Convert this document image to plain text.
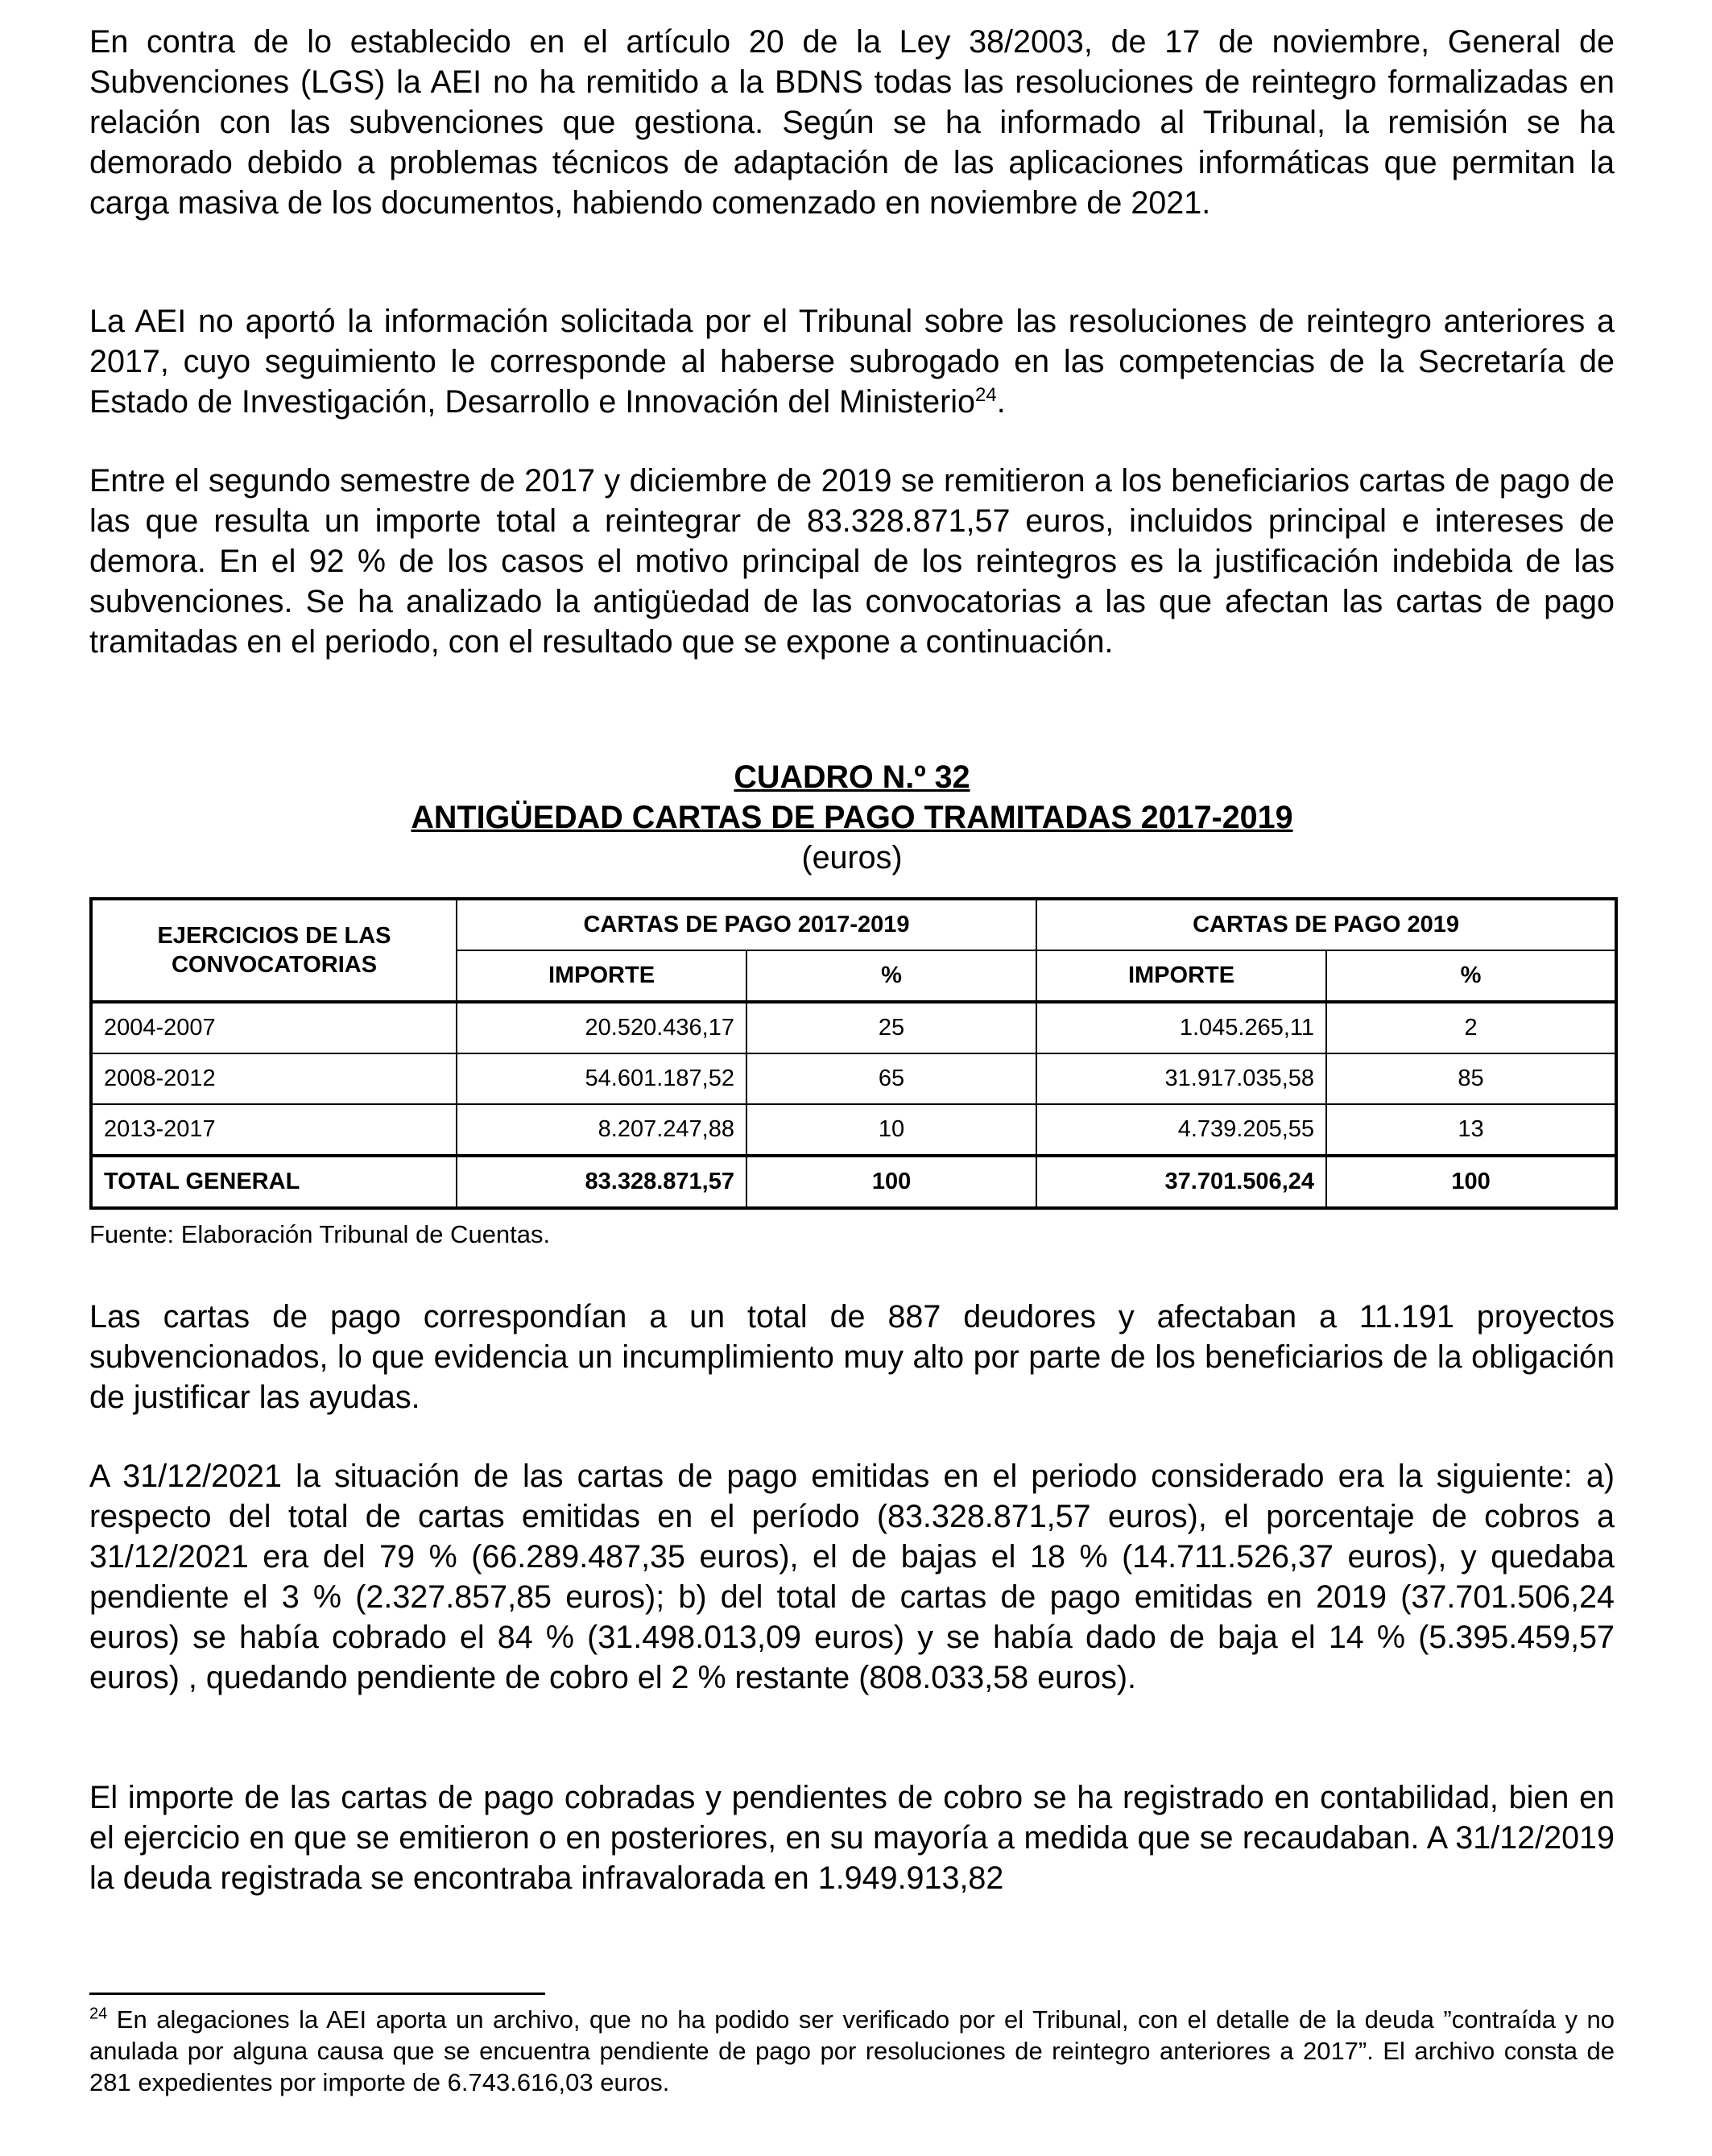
En contra de lo establecido en el artículo 20 de la Ley 38/2003, de 17 de noviembre, General de Subvenciones (LGS) la AEI no ha remitido a la BDNS todas las resoluciones de reintegro formalizadas en relación con las subvenciones que gestiona. Según se ha informado al Tribunal, la remisión se ha demorado debido a problemas técnicos de adaptación de las aplicaciones informáticas que permitan la carga masiva de los documentos, habiendo comenzado en noviembre de 2021.

La AEI no aportó la información solicitada por el Tribunal sobre las resoluciones de reintegro anteriores a 2017, cuyo seguimiento le corresponde al haberse subrogado en las competencias de la Secretaría de Estado de Investigación, Desarrollo e Innovación del Ministerio$^{24}$.

Entre el segundo semestre de 2017 y diciembre de 2019 se remitieron a los beneficiarios cartas de pago de las que resulta un importe total a reintegrar de 83.328.871,57 euros, incluidos principal e intereses de demora. En el 92 % de los casos el motivo principal de los reintegros es la justificación indebida de las subvenciones. Se ha analizado la antigüedad de las convocatorias a las que afectan las cartas de pago tramitadas en el periodo, con el resultado que se expone a continuación.

CUADRO N.º 32

ANTIGÜEDAD CARTAS DE PAGO TRAMITADAS 2017-2019

(euros)

EJERCICIOS DE LAS CONVOCATORIAS	CARTAS DE PAGO 2017-2019		CARTAS DE PAGO 2019	
	IMPORTE	%	IMPORTE	%
2004-2007	20.520.436,17	25	1.045.265,11	2
2008-2012	54.601.187,52	65	31.917.035,58	85
2013-2017	8.207.247,88	10	4.739.205,55	13
TOTAL GENERAL	83.328.871,57	100	37.701.506,24	100

Fuente: Elaboración Tribunal de Cuentas.

Las cartas de pago correspondían a un total de 887 deudores y afectaban a 11.191 proyectos subvencionados, lo que evidencia un incumplimiento muy alto por parte de los beneficiarios de la obligación de justificar las ayudas.

A 31/12/2021 la situación de las cartas de pago emitidas en el periodo considerado era la siguiente: a) respecto del total de cartas emitidas en el período (83.328.871,57 euros), el porcentaje de cobros a 31/12/2021 era del 79 % (66.289.487,35 euros), el de bajas el 18 % (14.711.526,37 euros), y quedaba pendiente el 3 % (2.327.857,85 euros); b) del total de cartas de pago emitidas en 2019 (37.701.506,24 euros) se había cobrado el 84 % (31.498.013,09 euros) y se había dado de baja el 14 % (5.395.459,57 euros) , quedando pendiente de cobro el 2 % restante (808.033,58 euros).

El importe de las cartas de pago cobradas y pendientes de cobro se ha registrado en contabilidad, bien en el ejercicio en que se emitieron o en posteriores, en su mayoría a medida que se recaudaban. A 31/12/2019 la deuda registrada se encontraba infravalorada en 1.949.913,82

$^{24}$ En alegaciones la AEI aporta un archivo, que no ha podido ser verificado por el Tribunal, con el detalle de la deuda ”contraída y no anulada por alguna causa que se encuentra pendiente de pago por resoluciones de reintegro anteriores a 2017”. El archivo consta de 281 expedientes por importe de 6.743.616,03 euros.
